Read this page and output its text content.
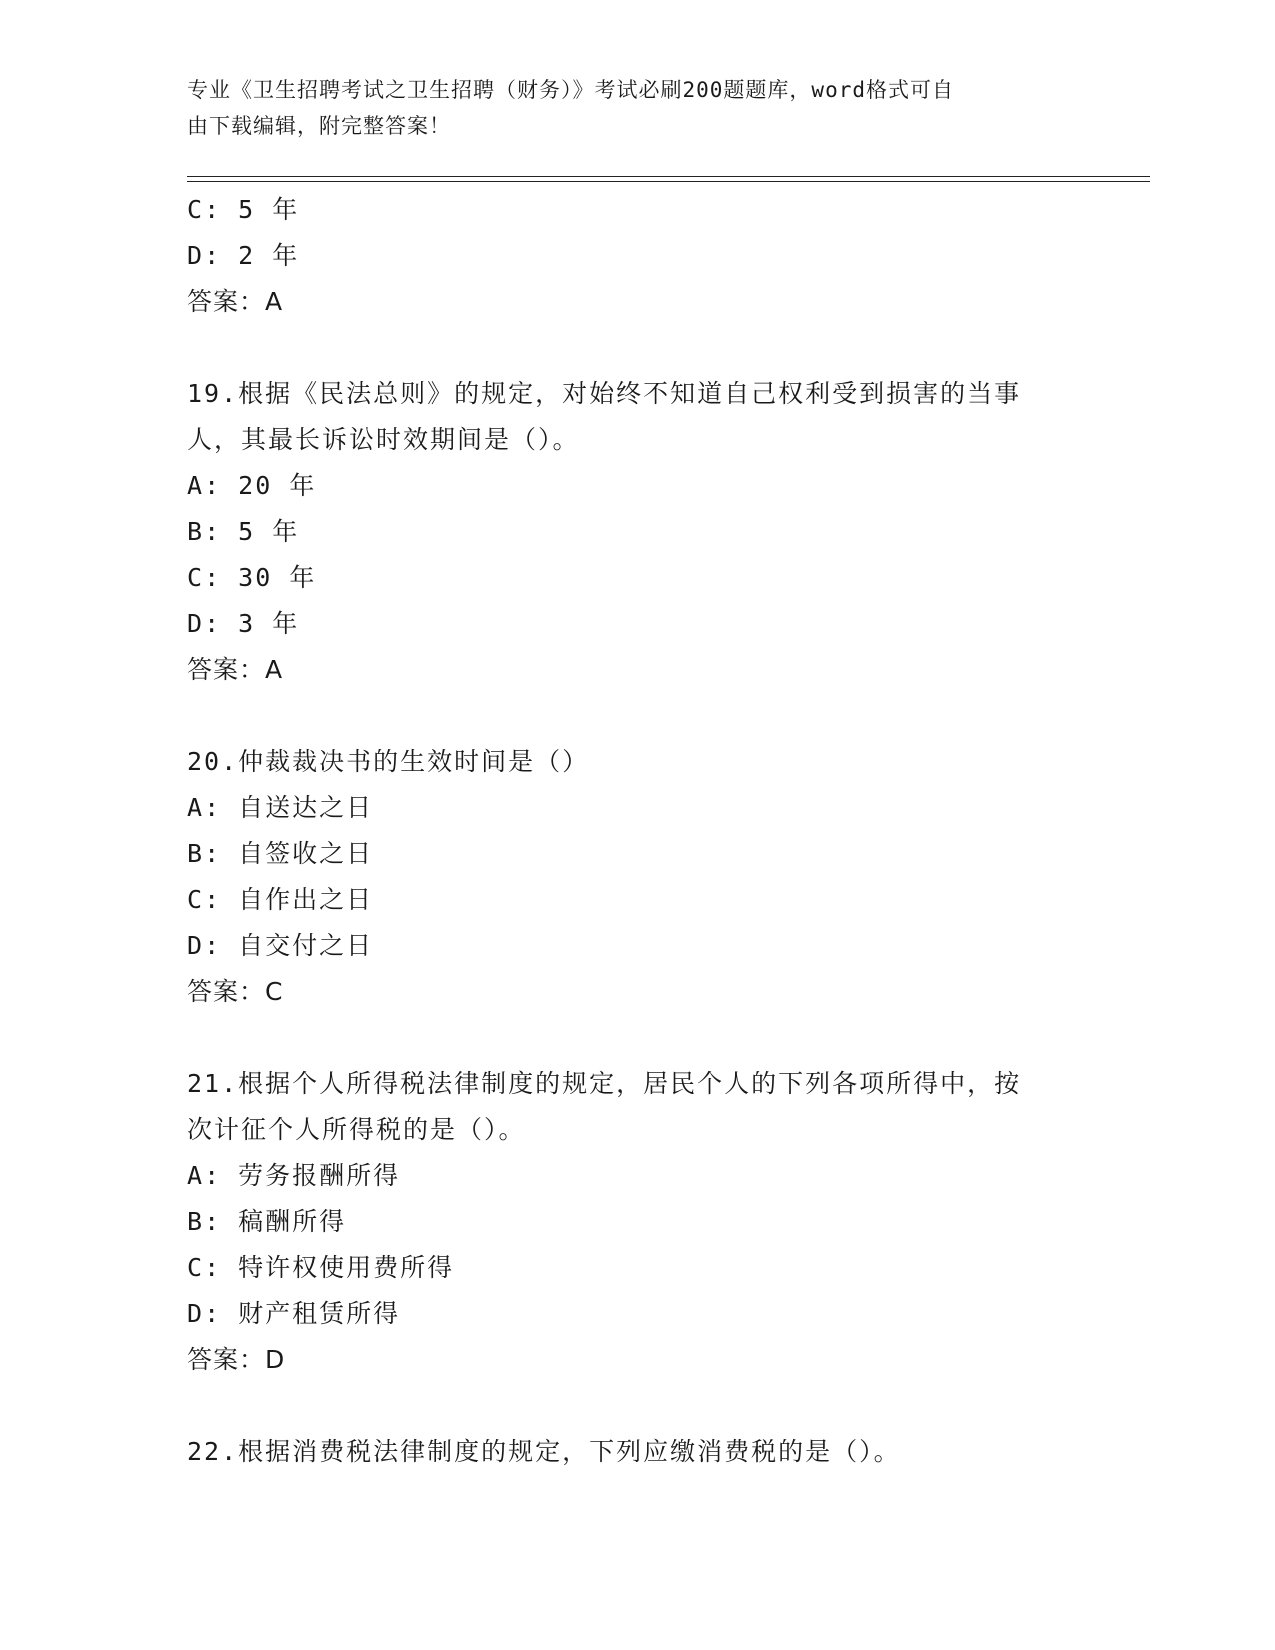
专业《卫生招聘考试之卫生招聘（财务）》考试必刷200题题库，word格式可自
由下载编辑，附完整答案！
C: 5 年
D: 2 年
答案：A
19.根据《民法总则》的规定，对始终不知道自己权利受到损害的当事
人，其最长诉讼时效期间是（）。
A: 20 年
B: 5 年
C: 30 年
D: 3 年
答案：A
20.仲裁裁决书的生效时间是（）
A: 自送达之日
B: 自签收之日
C: 自作出之日
D: 自交付之日
答案：C
21.根据个人所得税法律制度的规定，居民个人的下列各项所得中，按
次计征个人所得税的是（）。
A: 劳务报酬所得
B: 稿酬所得
C: 特许权使用费所得
D: 财产租赁所得
答案：D
22.根据消费税法律制度的规定，下列应缴消费税的是（）。
